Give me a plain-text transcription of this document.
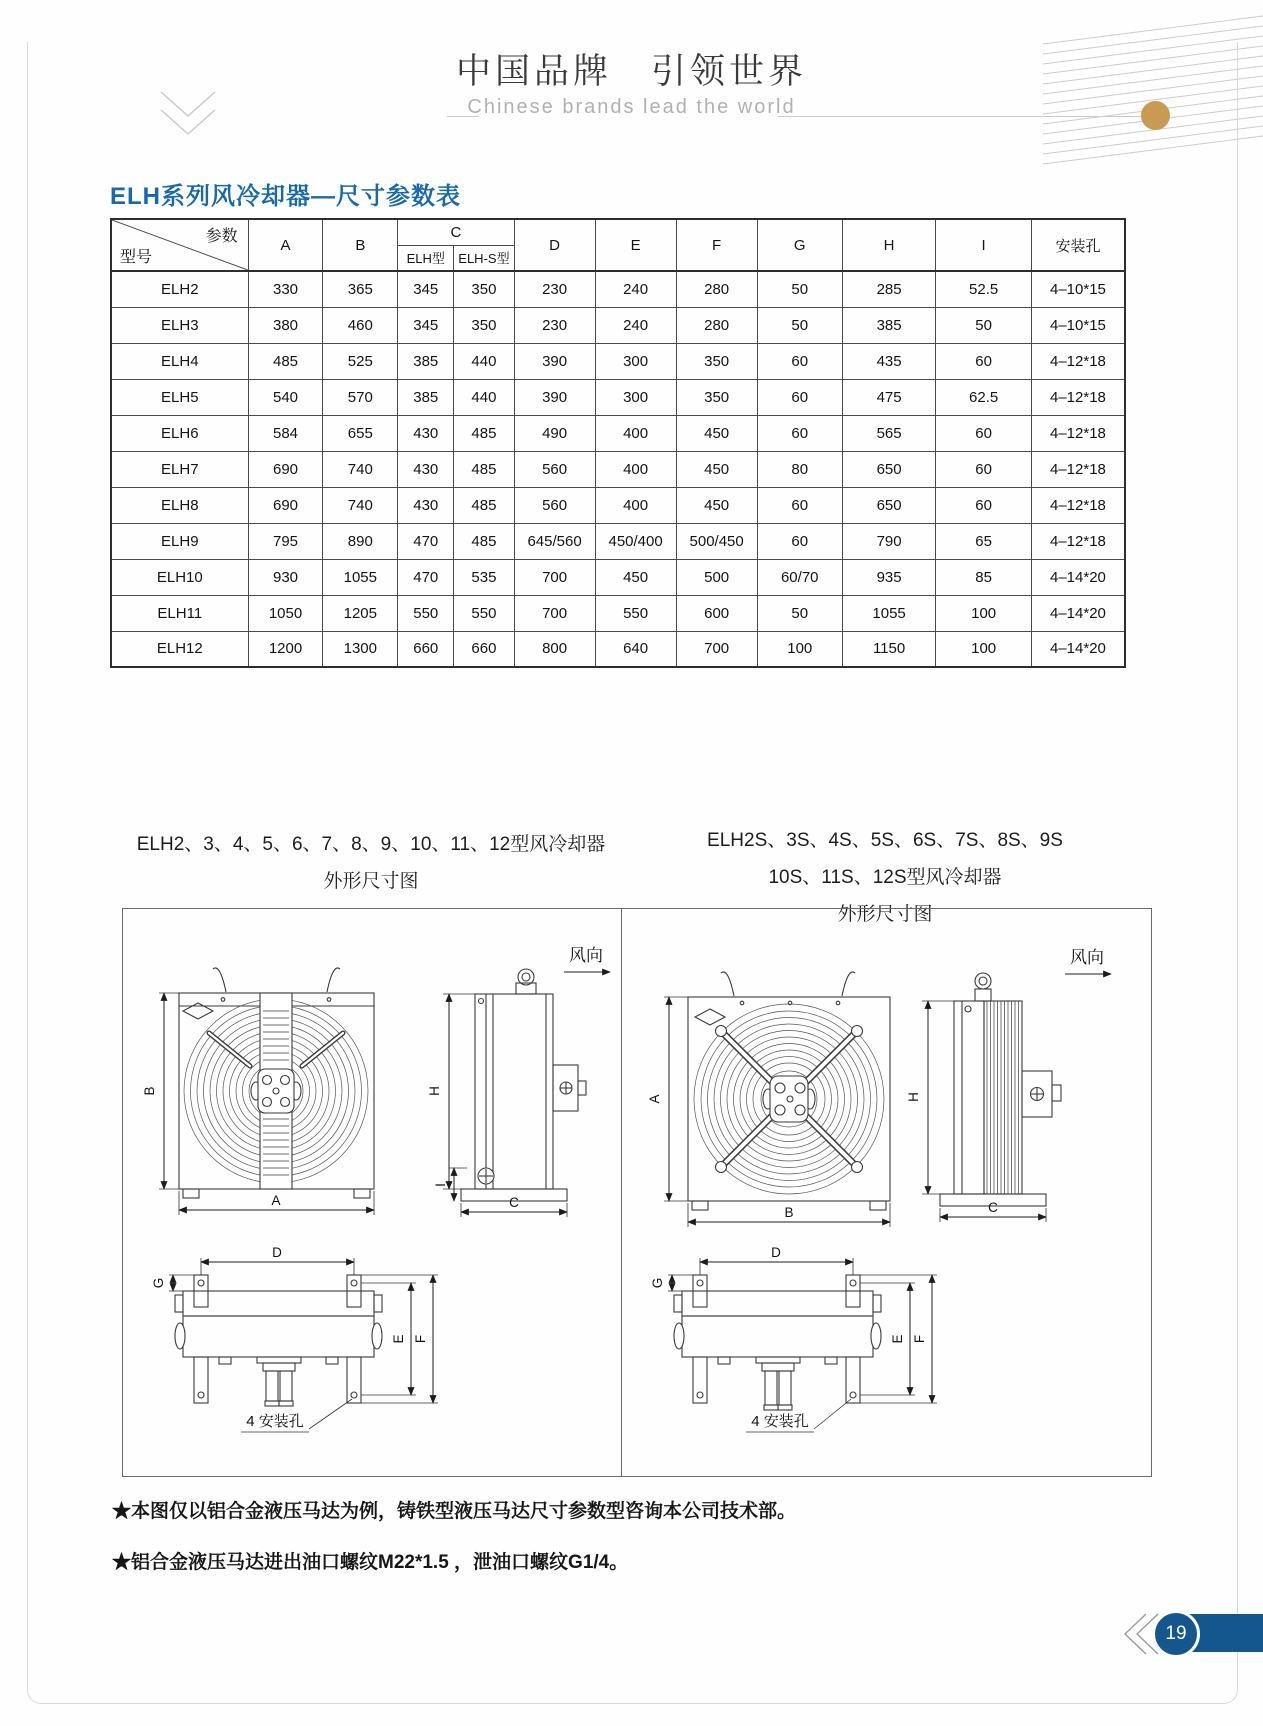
中国品牌　引领世界
Chinese brands lead the world
ELH系列风冷却器—尺寸参数表
参数
型号	A	B	C		D	E	F	G	H	I	安装孔
			ELH型	ELH-S型							
ELH2	330	365	345	350	230	240	280	50	285	52.5	4–10*15
ELH3	380	460	345	350	230	240	280	50	385	50	4–10*15
ELH4	485	525	385	440	390	300	350	60	435	60	4–12*18
ELH5	540	570	385	440	390	300	350	60	475	62.5	4–12*18
ELH6	584	655	430	485	490	400	450	60	565	60	4–12*18
ELH7	690	740	430	485	560	400	450	80	650	60	4–12*18
ELH8	690	740	430	485	560	400	450	60	650	60	4–12*18
ELH9	795	890	470	485	645/560	450/400	500/450	60	790	65	4–12*18
ELH10	930	1055	470	535	700	450	500	60/70	935	85	4–14*20
ELH11	1050	1205	550	550	700	550	600	50	1055	100	4–14*20
ELH12	1200	1300	660	660	800	640	700	100	1150	100	4–14*20
ELH2、3、4、5、6、7、8、9、10、11、12型风冷却器
外形尺寸图
ELH2S、3S、4S、5S、6S、7S、8S、9S
10S、11S、12S型风冷却器
外形尺寸图
B
A
H
I
C
风向
D
G
E F
4 安装孔
A
B
H
C
风向
D
G
E F
4 安装孔

★本图仅以铝合金液压马达为例，铸铁型液压马达尺寸参数型咨询本公司技术部。

★铝合金液压马达进出油口螺纹M22*1.5 ，泄油口螺纹G1/4。

19
